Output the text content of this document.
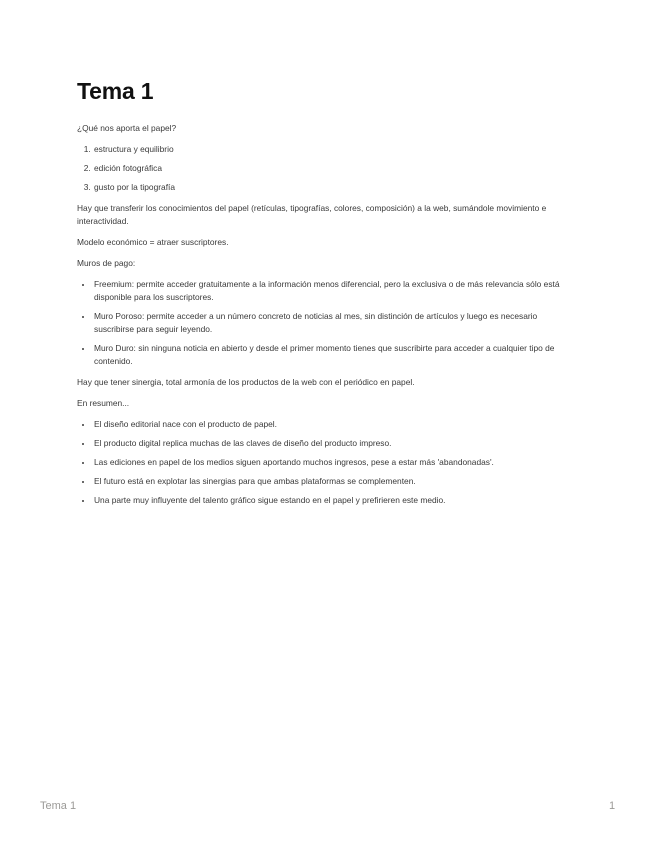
Tema 1

¿Qué nos aporta el papel?

1. estructura y equilibrio
2. edición fotográfica
3. gusto por la tipografía

Hay que transferir los conocimientos del papel (retículas, tipografías, colores, composición) a la web, sumándole movimiento e interactividad.

Modelo económico = atraer suscriptores.

Muros de pago:

• Freemium: permite acceder gratuitamente a la información menos diferencial, pero la exclusiva o de más relevancia sólo está disponible para los suscriptores.
• Muro Poroso: permite acceder a un número concreto de noticias al mes, sin distinción de artículos y luego es necesario suscribirse para seguir leyendo.
• Muro Duro: sin ninguna noticia en abierto y desde el primer momento tienes que suscribirte para acceder a cualquier tipo de contenido.

Hay que tener sinergia, total armonía de los productos de la web con el periódico en papel.

En resumen...

• El diseño editorial nace con el producto de papel.
• El producto digital replica muchas de las claves de diseño del producto impreso.
• Las ediciones en papel de los medios siguen aportando muchos ingresos, pese a estar más 'abandonadas'.
• El futuro está en explotar las sinergias para que ambas plataformas se complementen.
• Una parte muy influyente del talento gráfico sigue estando en el papel y prefirieren este medio.
Tema 1	1
